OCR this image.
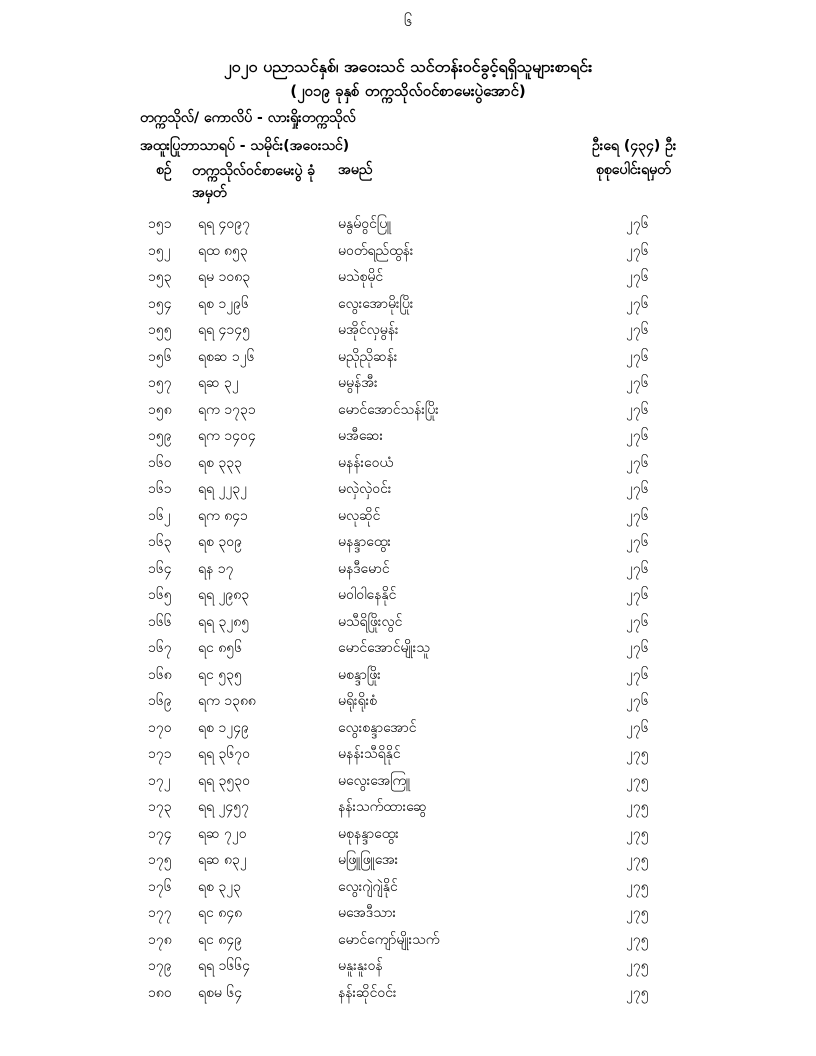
၆
၂၀၂၀ ပညာသင်နှစ်၊ အဝေးသင် သင်တန်းဝင်ခွင့်ရရှိသူများစာရင်း
(၂၀၁၉ ခုနှစ် တက္ကသိုလ်ဝင်စာမေးပွဲအောင်)
တက္ကသိုလ်/ ကောလိပ် - လားရှိုးတက္ကသိုလ်
အထူးပြုဘာသာရပ် - သမိုင်း(အဝေးသင်)	ဦးရေ (၄၃၄) ဦး
စဉ် တက္ကသိုလ်ဝင်စာမေးပွဲ ခုံအမှတ်
အမည်	စုစုပေါင်းရမှတ်
၁၅၁ ရရ ၄၀၉၇	မနွမ်ဝွင်ပြူ	၂၇၆
၁၅၂ ရထ ၈၅၃	မဝတ်ရည်ထွန်း	၂၇၆
၁၅၃ ရမ ၁၀၈၃	မသဲစုမိုင်	၂၇၆
၁၅၄ ရစ ၁၂၉၆	လွေးအောမိုးပြိုး	၂၇၆
၁၅၅ ရရ ၄၁၄၅	မအိုင်လှမွန်း	၂၇၆
၁၅၆ ရစဆ ၁၂၆	မညိုညိုဆန်း	၂၇၆
၁၅၇ ရဆ ၃၂	မမွန်အီး	၂၇၆
၁၅၈ ရက ၁၇၃၁	မောင်အောင်သန်းပြိုး	၂၇၆
၁၅၉ ရက ၁၄၀၄	မအီဆေး	၂၇၆
၁၆၀ ရစ ၃၃၃	မနန်းဝေယံ	၂၇၆
၁၆၁ ရရ ၂၂၃၂	မလှဲလှဲဝင်း	၂၇၆
၁၆၂ ရက ၈၄၁	မလုဆိုင်	၂၇၆
၁၆၃ ရစ ၃၀၉	မနန္ဒာထွေး	၂၇၆
၁၆၄ ရန ၁၇	မနဒီမောင်	၂၇၆
၁၆၅ ရရ ၂၉၈၃	မဝါဝါနေနိုင်	၂၇၆
၁၆၆ ရရ ၃၂၈၅	မသီရိဖြိုးလွင်	၂၇၆
၁၆၇ ရင ၈၅၆	မောင်အောင်မျိုးသူ	၂၇၆
၁၆၈ ရင ၅၃၅	မစန္ဒာဖြိုး	၂၇၆
၁၆၉ ရက ၁၃၈၈	မရိုးရိုးစံ	၂၇၆
၁၇၀ ရစ ၁၂၄၉	လွေးစန္ဒာအောင်	၂၇၆
၁၇၁ ရရ ၃၆၇၀	မနန်းသီရိနိုင်	၂၇၅
၁၇၂ ရရ ၃၅၃၀	မလွေးအေကြူ	၂၇၅
၁၇၃ ရရ ၂၄၅၇	နန်းသက်ထားဆွေ	၂၇၅
၁၇၄ ရဆ ၇၂၀	မစုနန္ဒာထွေး	၂၇၅
၁၇၅ ရဆ ၈၃၂	မဖြူဖြူအေး	၂၇၅
၁၇၆ ရစ ၃၂၃	လွေးဂျဲဂျဲနိုင်	၂၇၅
၁၇၇ ရင ၈၄၈	မအေဒီသား	၂၇၅
၁၇၈ ရင ၈၄၉	မောင်ကျော်မျိုးသက်	၂၇၅
၁၇၉ ရရ ၁၆၆၄	မနူးနူးဝန်	၂၇၅
၁၈၀ ရစမ ၆၄	နန်းဆိုင်ဝင်း	၂၇၅
